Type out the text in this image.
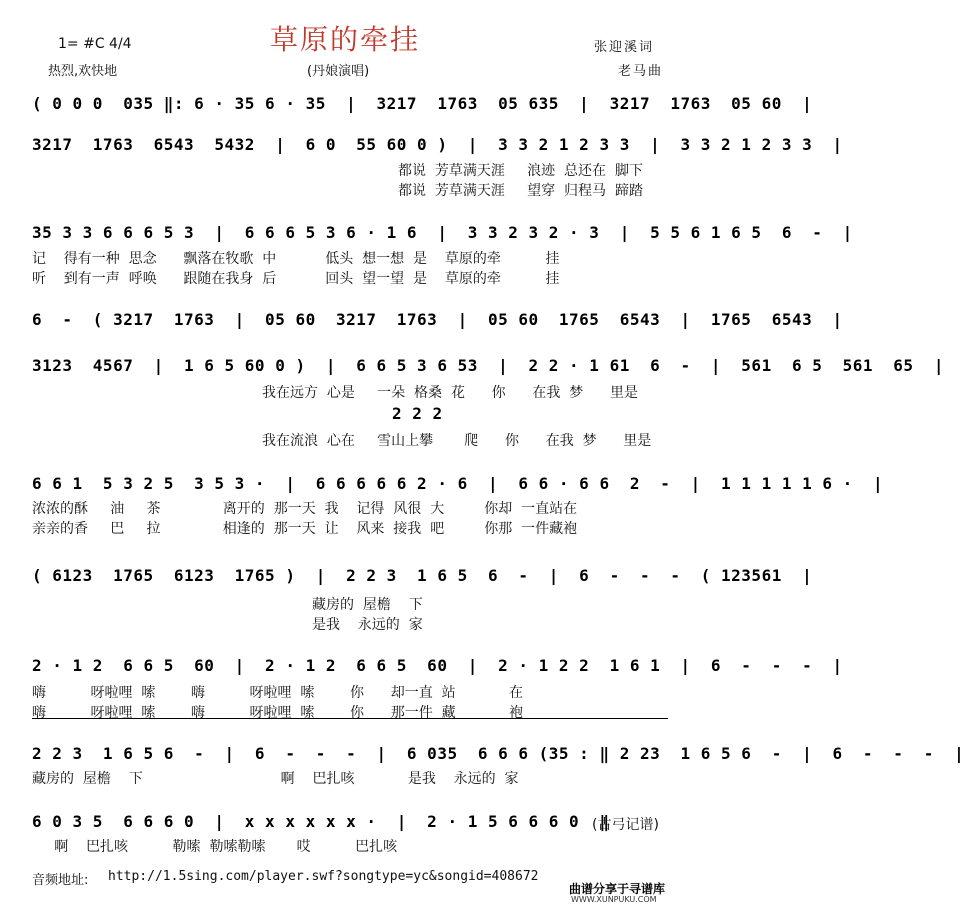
1= #C 4/4
热烈,欢快地
草原的牵挂
(丹娘演唱)
张迎溪词
老马曲
( 0 0 0  035 ‖: 6 · 35 6 · 35  |  3217  1763  05 635  |  3217  1763  05 60  |
3217  1763  6543  5432  |  6 0  55 60 0 )  |  3 3 2 1 2 3 3  |  3 3 2 1 2 3 3  |
都说  芳草满天涯     浪迹  总还在  脚下
都说  芳草满天涯     望穿  归程马  蹄踏
35 3 3 6 6 6 5 3  |  6 6 6 5 3 6 · 1 6  |  3 3 2 3 2 · 3  |  5 5 6 1 6 5  6  -  |
记    得有一种  思念      飘落在牧歌  中           低头  想一想  是    草原的牵          挂
听    到有一声  呼唤      跟随在我身  后           回头  望一望  是    草原的牵          挂
6  -  ( 3217  1763  |  05 60  3217  1763  |  05 60  1765  6543  |  1765  6543  |
3123  4567  |  1 6 5 60 0 )  |  6 6 5 3 6 53  |  2 2 · 1 61  6  -  |  561  6 5  561  65  |
我在远方  心是     一朵  格桑  花      你      在我  梦      里是
2 2 2
我在流浪  心在     雪山上攀       爬      你      在我  梦      里是
6 6 1  5 3 2 5  3 5 3 ·  |  6 6 6 6 6 2 · 6  |  6 6 · 6 6  2  -  |  1 1 1 1 1 6 ·  |
浓浓的酥     油     茶              离开的  那一天  我    记得  风很  大         你却  一直站在
亲亲的香     巴     拉              相逢的  那一天  让    风来  接我  吧         你那  一件藏袍
( 6123  1765  6123  1765 )  |  2 2 3  1 6 5  6  -  |  6  -  -  -  ( 123561  |
藏房的  屋檐    下
是我    永远的  家
2 · 1 2  6 6 5  60  |  2 · 1 2  6 6 5  60  |  2 · 1 2 2  1 6 1  |  6  -  -  -  |
嗨          呀啦哩  嗦        嗨          呀啦哩  嗦        你      却一直  站            在
嗨          呀啦哩  嗦        嗨          呀啦哩  嗦        你      那一件  藏            袍
2 2 3  1 6 5 6  -  |  6  -  -  -  |  6 035  6 6 6 (35 : ‖ 2 23  1 6 5 6  -  |  6  -  -  -  |
藏房的  屋檐    下                               啊    巴扎咳            是我    永远的  家
6 0 3 5  6 6 6 0  |  x x x x x x ·  |  2 · 1 5 6 6 6 0  ‖
啊    巴扎咳          勒嗦  勒嗦勒嗦       哎          巴扎咳
(古弓记谱)
音频地址: http://1.5sing.com/player.swf?songtype=yc&songid=408672
曲谱分享于寻谱库
WWW.XUNPUKU.COM
